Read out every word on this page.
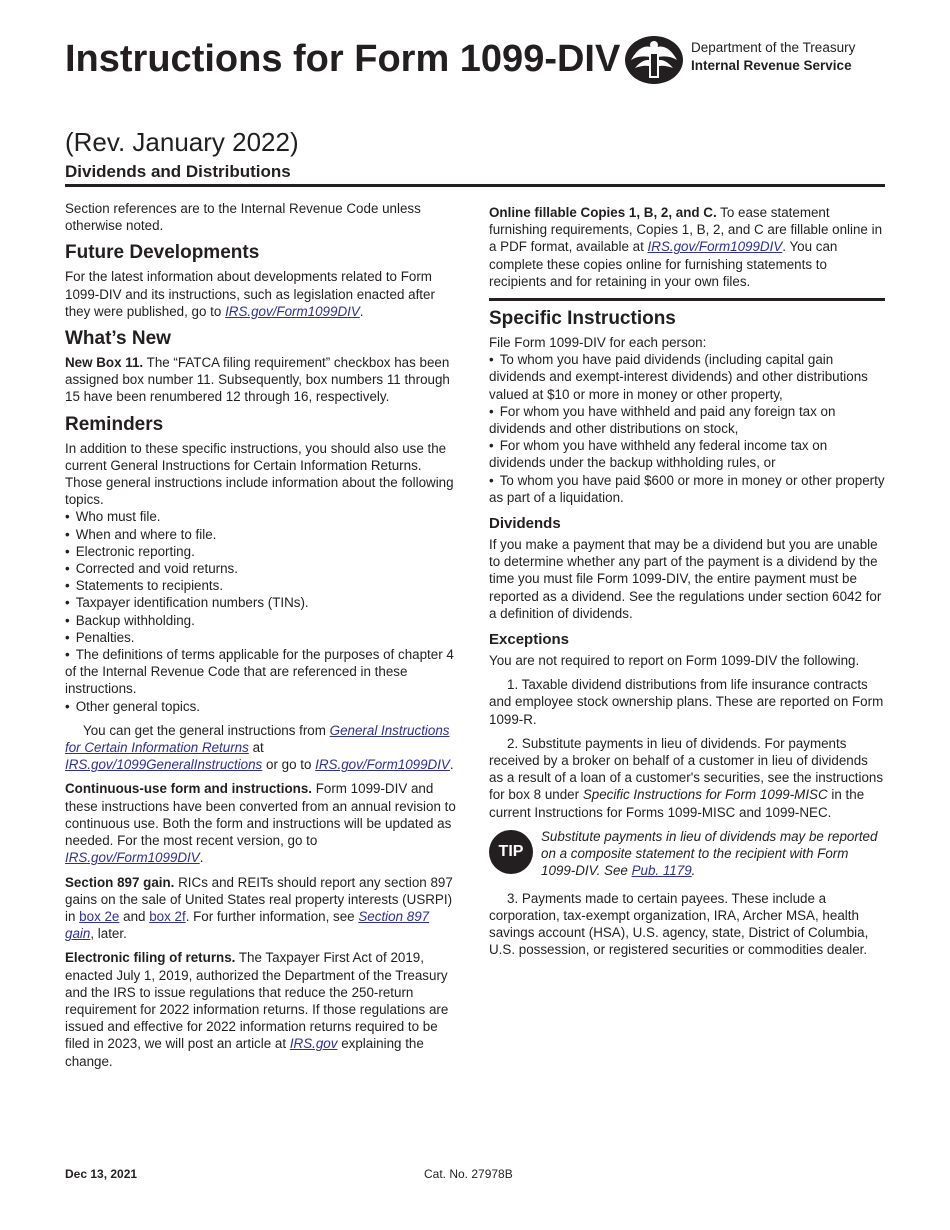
Instructions for Form 1099-DIV
(Rev. January 2022)
Dividends and Distributions
Department of the Treasury
Internal Revenue Service

Section references are to the Internal Revenue Code unless otherwise noted.

Future Developments

For the latest information about developments related to Form 1099-DIV and its instructions, such as legislation enacted after they were published, go to IRS.gov/Form1099DIV.

What’s New

New Box 11. The “FATCA filing requirement” checkbox has been assigned box number 11. Subsequently, box numbers 11 through 15 have been renumbered 12 through 16, respectively.

Reminders

In addition to these specific instructions, you should also use the current General Instructions for Certain Information Returns. Those general instructions include information about the following topics.

• Who must file.
• When and where to file.
• Electronic reporting.
• Corrected and void returns.
• Statements to recipients.
• Taxpayer identification numbers (TINs).
• Backup withholding.
• Penalties.
• The definitions of terms applicable for the purposes of chapter 4 of the Internal Revenue Code that are referenced in these instructions.
• Other general topics.

You can get the general instructions from General Instructions for Certain Information Returns at IRS.gov/1099GeneralInstructions or go to IRS.gov/Form1099DIV.

Continuous-use form and instructions. Form 1099-DIV and these instructions have been converted from an annual revision to continuous use. Both the form and instructions will be updated as needed. For the most recent version, go to IRS.gov/Form1099DIV.

Section 897 gain. RICs and REITs should report any section 897 gains on the sale of United States real property interests (USRPI) in box 2e and box 2f. For further information, see Section 897 gain, later.

Electronic filing of returns. The Taxpayer First Act of 2019, enacted July 1, 2019, authorized the Department of the Treasury and the IRS to issue regulations that reduce the 250-return requirement for 2022 information returns. If those regulations are issued and effective for 2022 information returns required to be filed in 2023, we will post an article at IRS.gov explaining the change.

Online fillable Copies 1, B, 2, and C. To ease statement furnishing requirements, Copies 1, B, 2, and C are fillable online in a PDF format, available at IRS.gov/Form1099DIV. You can complete these copies online for furnishing statements to recipients and for retaining in your own files.

Specific Instructions

File Form 1099-DIV for each person:

• To whom you have paid dividends (including capital gain dividends and exempt-interest dividends) and other distributions valued at $10 or more in money or other property,
• For whom you have withheld and paid any foreign tax on dividends and other distributions on stock,
• For whom you have withheld any federal income tax on dividends under the backup withholding rules, or
• To whom you have paid $600 or more in money or other property as part of a liquidation.
Dividends

If you make a payment that may be a dividend but you are unable to determine whether any part of the payment is a dividend by the time you must file Form 1099-DIV, the entire payment must be reported as a dividend. See the regulations under section 6042 for a definition of dividends.

Exceptions

You are not required to report on Form 1099-DIV the following.

1. Taxable dividend distributions from life insurance contracts and employee stock ownership plans. These are reported on Form 1099-R.

2. Substitute payments in lieu of dividends. For payments received by a broker on behalf of a customer in lieu of dividends as a result of a loan of a customer's securities, see the instructions for box 8 under Specific Instructions for Form 1099-MISC in the current Instructions for Forms 1099-MISC and 1099-NEC.

TIP
Substitute payments in lieu of dividends may be reported on a composite statement to the recipient with Form 1099-DIV. See Pub. 1179.

3. Payments made to certain payees. These include a corporation, tax-exempt organization, IRA, Archer MSA, health savings account (HSA), U.S. agency, state, District of Columbia, U.S. possession, or registered securities or commodities dealer.

Dec 13, 2021	Cat. No. 27978B
